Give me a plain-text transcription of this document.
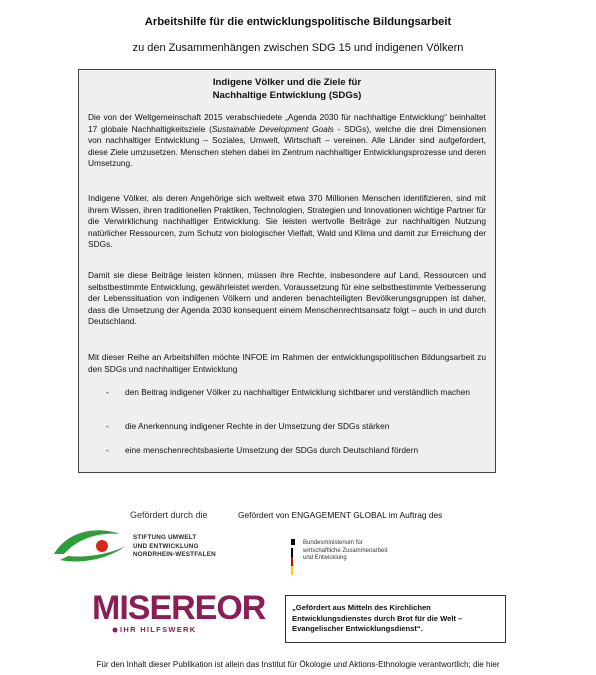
Arbeitshilfe für die entwicklungspolitische Bildungsarbeit
zu den Zusammenhängen zwischen SDG 15 und indigenen Völkern
Indigene Völker und die Ziele für
Nachhaltige Entwicklung (SDGs)
Die von der Weltgemeinschaft 2015 verabschiedete „Agenda 2030 für nachhaltige Entwicklung“ beinhaltet 17 globale Nachhaltigkeitsziele (Sustainable Development Goals - SDGs), welche die drei Dimensionen von nachhaltiger Entwicklung – Soziales, Umwelt, Wirtschaft – vereinen. Alle Länder sind aufgefordert, diese Ziele umzusetzen. Menschen stehen dabei im Zentrum nachhaltiger Entwicklungsprozesse und deren Umsetzung.
Indigene Völker, als deren Angehörige sich weltweit etwa 370 Millionen Menschen identifizieren, sind mit ihrem Wissen, ihren traditionellen Praktiken, Technologien, Strategien und Innovationen wichtige Partner für die Verwirklichung nachhaltiger Entwicklung. Sie leisten wertvolle Beiträge zur nachhaltigen Nutzung natürlicher Ressourcen, zum Schutz von biologischer Vielfalt, Wald und Klima und damit zur Erreichung der SDGs.
Damit sie diese Beiträge leisten können, müssen ihre Rechte, insbesondere auf Land, Ressourcen und selbstbestimmte Entwicklung, gewährleistet werden. Voraussetzung für eine selbstbestimmte Verbesserung der Lebenssituation von indigenen Völkern und anderen benachteiligten Bevölkerungsgruppen ist daher, dass die Umsetzung der Agenda 2030 konsequent einem Menschenrechtsansatz folgt – auch in und durch Deutschland.
Mit dieser Reihe an Arbeitshilfen möchte INFOE im Rahmen der entwicklungspolitischen Bildungsarbeit zu den SDGs und nachhaltiger Entwicklung
- den Beitrag indigener Völker zu nachhaltiger Entwicklung sichtbarer und verständlich machen
- die Anerkennung indigener Rechte in der Umsetzung der SDGs stärken
- eine menschenrechtsbasierte Umsetzung der SDGs durch Deutschland fördern
Gefördert durch die	Gefördert von ENGAGEMENT GLOBAL im Auftrag des
STIFTUNG UMWELT
UND ENTWICKLUNG
NORDRHEIN-WESTFALEN
Bundesministerium für
wirtschaftliche Zusammenarbeit
und Entwicklung
MISEREOR
IHR HILFSWERK
„Gefördert aus Mitteln des Kirchlichen
Entwicklungsdienstes durch Brot für die Welt –
Evangelischer Entwicklungsdienst“.
Für den Inhalt dieser Publikation ist allein das Institut für Ökologie und Aktions-Ethnologie verantwortlich; die hier
